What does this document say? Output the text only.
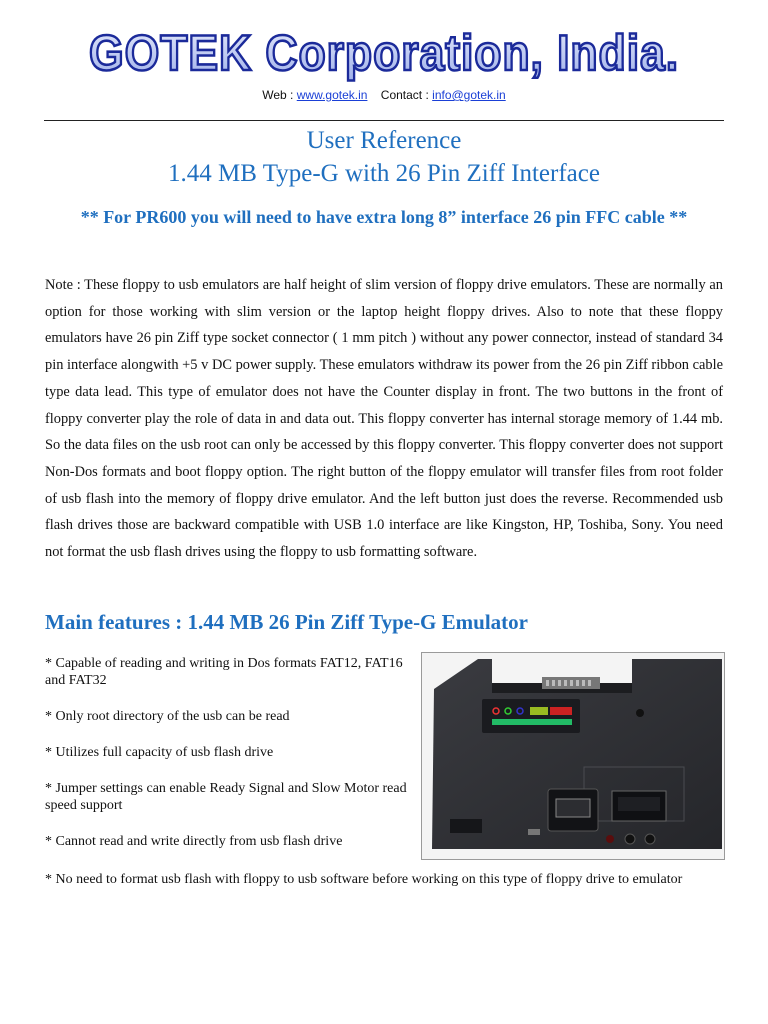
GOTEK Corporation, India.
Web : www.gotek.in Contact : info@gotek.in
User Reference
1.44 MB Type-G with 26 Pin Ziff Interface
** For PR600 you will need to have extra long 8” interface 26 pin FFC cable **
Note : These floppy to usb emulators are half height of slim version of floppy drive emulators. These are normally an option for those working with slim version or the laptop height floppy drives. Also to note that these floppy emulators have 26 pin Ziff type socket connector ( 1 mm pitch ) without any power connector, instead of standard 34 pin interface alongwith +5 v DC power supply. These emulators withdraw its power from the 26 pin Ziff ribbon cable type data lead. This type of emulator does not have the Counter display in front. The two buttons in the front of floppy converter play the role of data in and data out. This floppy converter has internal storage memory of 1.44 mb. So the data files on the usb root can only be accessed by this floppy converter. This floppy converter does not support Non-Dos formats and boot floppy option. The right button of the floppy emulator will transfer files from root folder of usb flash into the memory of floppy drive emulator. And the left button just does the reverse. Recommended usb flash drives those are backward compatible with USB 1.0 interface are like Kingston, HP, Toshiba, Sony. You need not format the usb flash drives using the floppy to usb formatting software.
Main features : 1.44 MB 26 Pin Ziff Type-G Emulator
* Capable of reading and writing in Dos formats FAT12, FAT16 and FAT32
* Only root directory of the usb can be read
* Utilizes full capacity of usb flash drive
* Jumper settings can enable Ready Signal and Slow Motor read speed support
* Cannot read and write directly from usb flash drive
* No need to format usb flash with floppy to usb software before working on this type of floppy drive to emulator
